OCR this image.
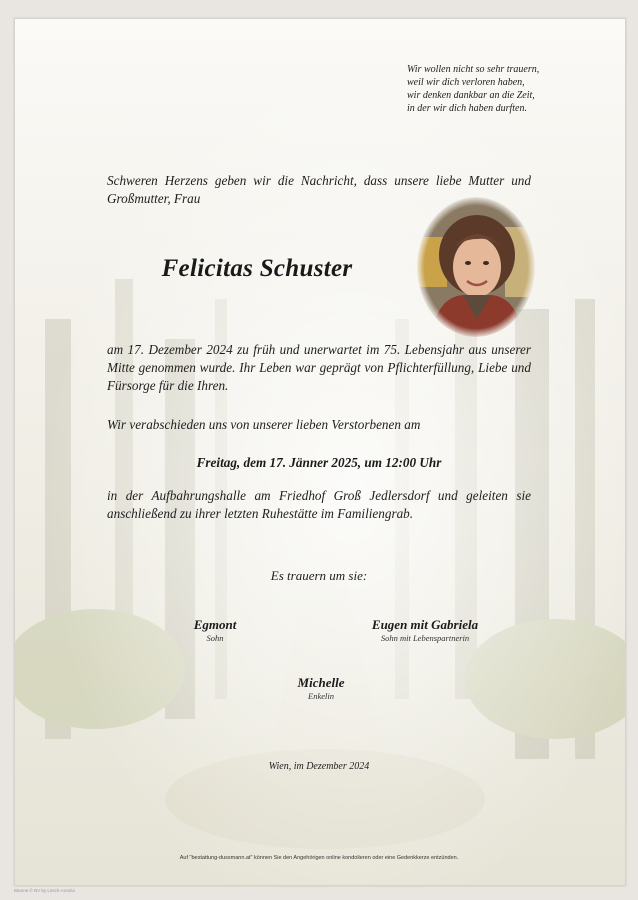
Wir wollen nicht so sehr trauern,
weil wir dich verloren haben,
wir denken dankbar an die Zeit,
in der wir dich haben durften.
Schweren Herzens geben wir die Nachricht, dass unsere liebe Mutter und Großmutter, Frau
Felicitas Schuster
am 17. Dezember 2024 zu früh und unerwartet im 75. Lebensjahr aus unserer Mitte genommen wurde. Ihr Leben war geprägt von Pflichterfüllung, Liebe und Fürsorge für die Ihren.
Wir verabschieden uns von unserer lieben Verstorbenen am
Freitag, dem 17. Jänner 2025, um 12:00 Uhr
in der Aufbahrungshalle am Friedhof Groß Jedlersdorf und geleiten sie anschließend zu ihrer letzten Ruhestätte im Familiengrab.
Es trauern um sie:
Egmont
Sohn
Eugen mit Gabriela
Sohn mit Lebenspartnerin
Michelle
Enkelin
Wien, im Dezember 2024
Auf "bestattung-dussmann.at" können Sie den Angehörigen online kondolieren oder eine Gedenkkerze entzünden.
Bäume © BV by Lösch-Austria
